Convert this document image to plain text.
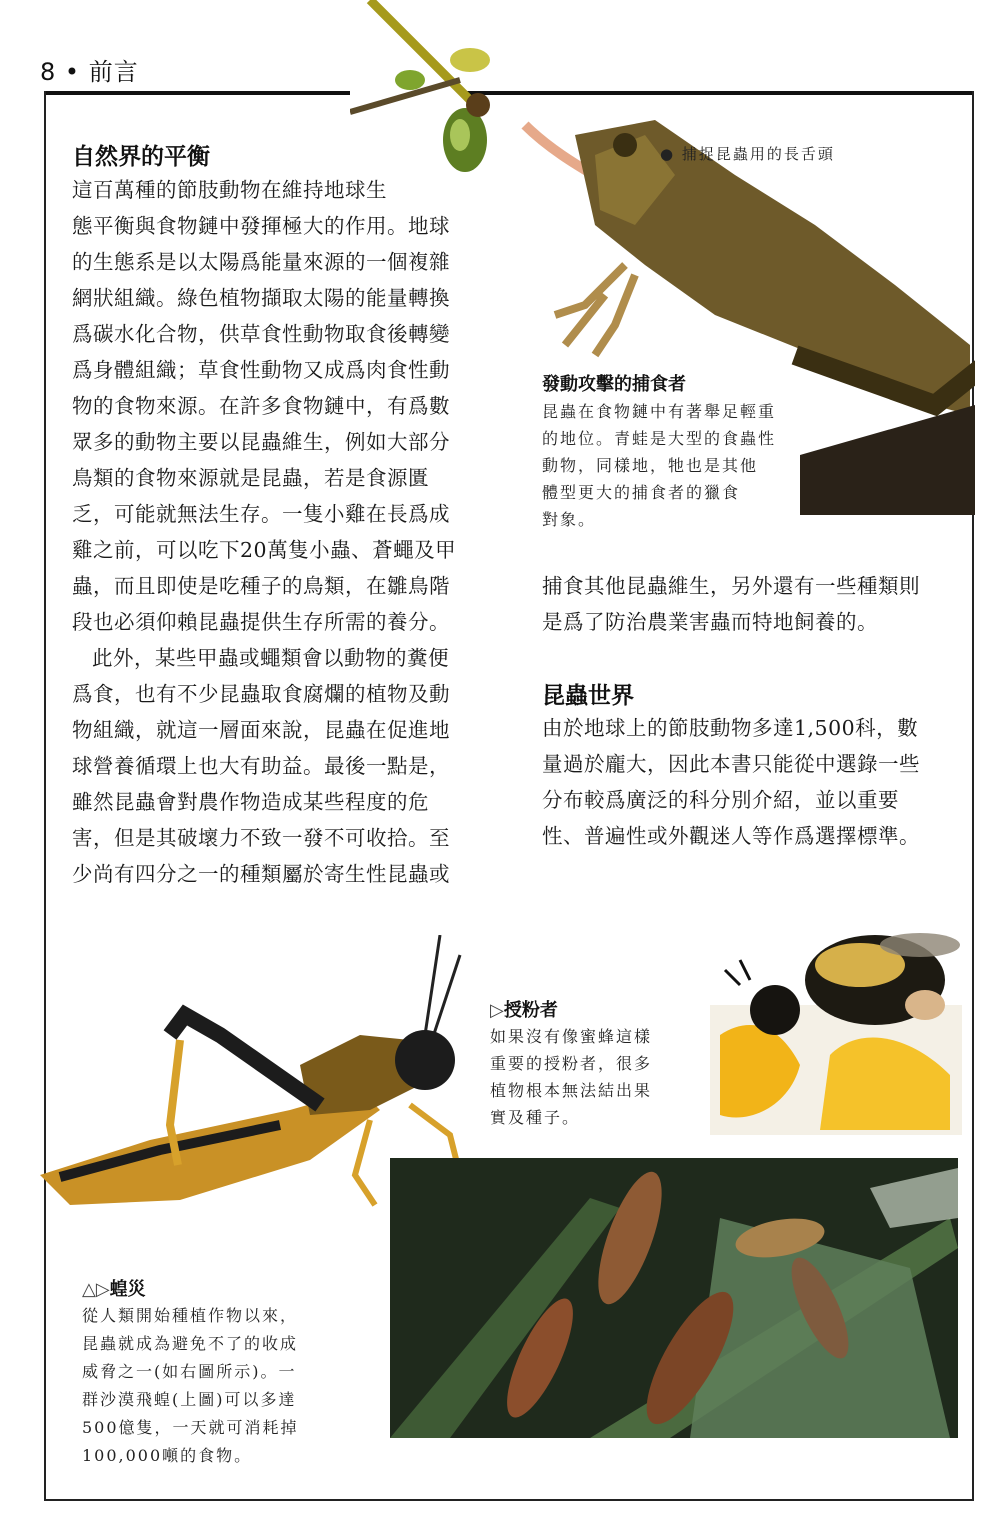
8 • 前言
自然界的平衡
這百萬種的節肢動物在維持地球生
態平衡與食物鏈中發揮極大的作用。地球
的生態系是以太陽爲能量來源的一個複雜
網狀組織。綠色植物擷取太陽的能量轉換
爲碳水化合物，供草食性動物取食後轉變
爲身體組織；草食性動物又成爲肉食性動
物的食物來源。在許多食物鏈中，有爲數
眾多的動物主要以昆蟲維生，例如大部分
鳥類的食物來源就是昆蟲，若是食源匱
乏，可能就無法生存。一隻小雞在長爲成
雞之前，可以吃下20萬隻小蟲、蒼蠅及甲
蟲，而且即使是吃種子的鳥類，在雛鳥階
段也必須仰賴昆蟲提供生存所需的養分。
此外，某些甲蟲或蠅類會以動物的糞便
爲食，也有不少昆蟲取食腐爛的植物及動
物組織，就這一層面來說，昆蟲在促進地
球營養循環上也大有助益。最後一點是，
雖然昆蟲會對農作物造成某些程度的危
害，但是其破壞力不致一發不可收拾。至
少尚有四分之一的種類屬於寄生性昆蟲或
● 捕捉昆蟲用的長舌頭
發動攻擊的捕食者
昆蟲在食物鏈中有著舉足輕重
的地位。青蛙是大型的食蟲性
動物，同樣地，牠也是其他
體型更大的捕食者的獵食
對象。
捕食其他昆蟲維生，另外還有一些種類則
是爲了防治農業害蟲而特地飼養的。
昆蟲世界
由於地球上的節肢動物多達1,500科，數
量過於龐大，因此本書只能從中選錄一些
分布較爲廣泛的科分別介紹，並以重要
性、普遍性或外觀迷人等作爲選擇標準。
▷授粉者
如果沒有像蜜蜂這樣
重要的授粉者，很多
植物根本無法結出果
實及種子。
△▷蝗災
從人類開始種植作物以來，
昆蟲就成為避免不了的收成
威脅之一(如右圖所示)。一
群沙漠飛蝗(上圖)可以多達
500億隻，一天就可消耗掉
100,000噸的食物。
